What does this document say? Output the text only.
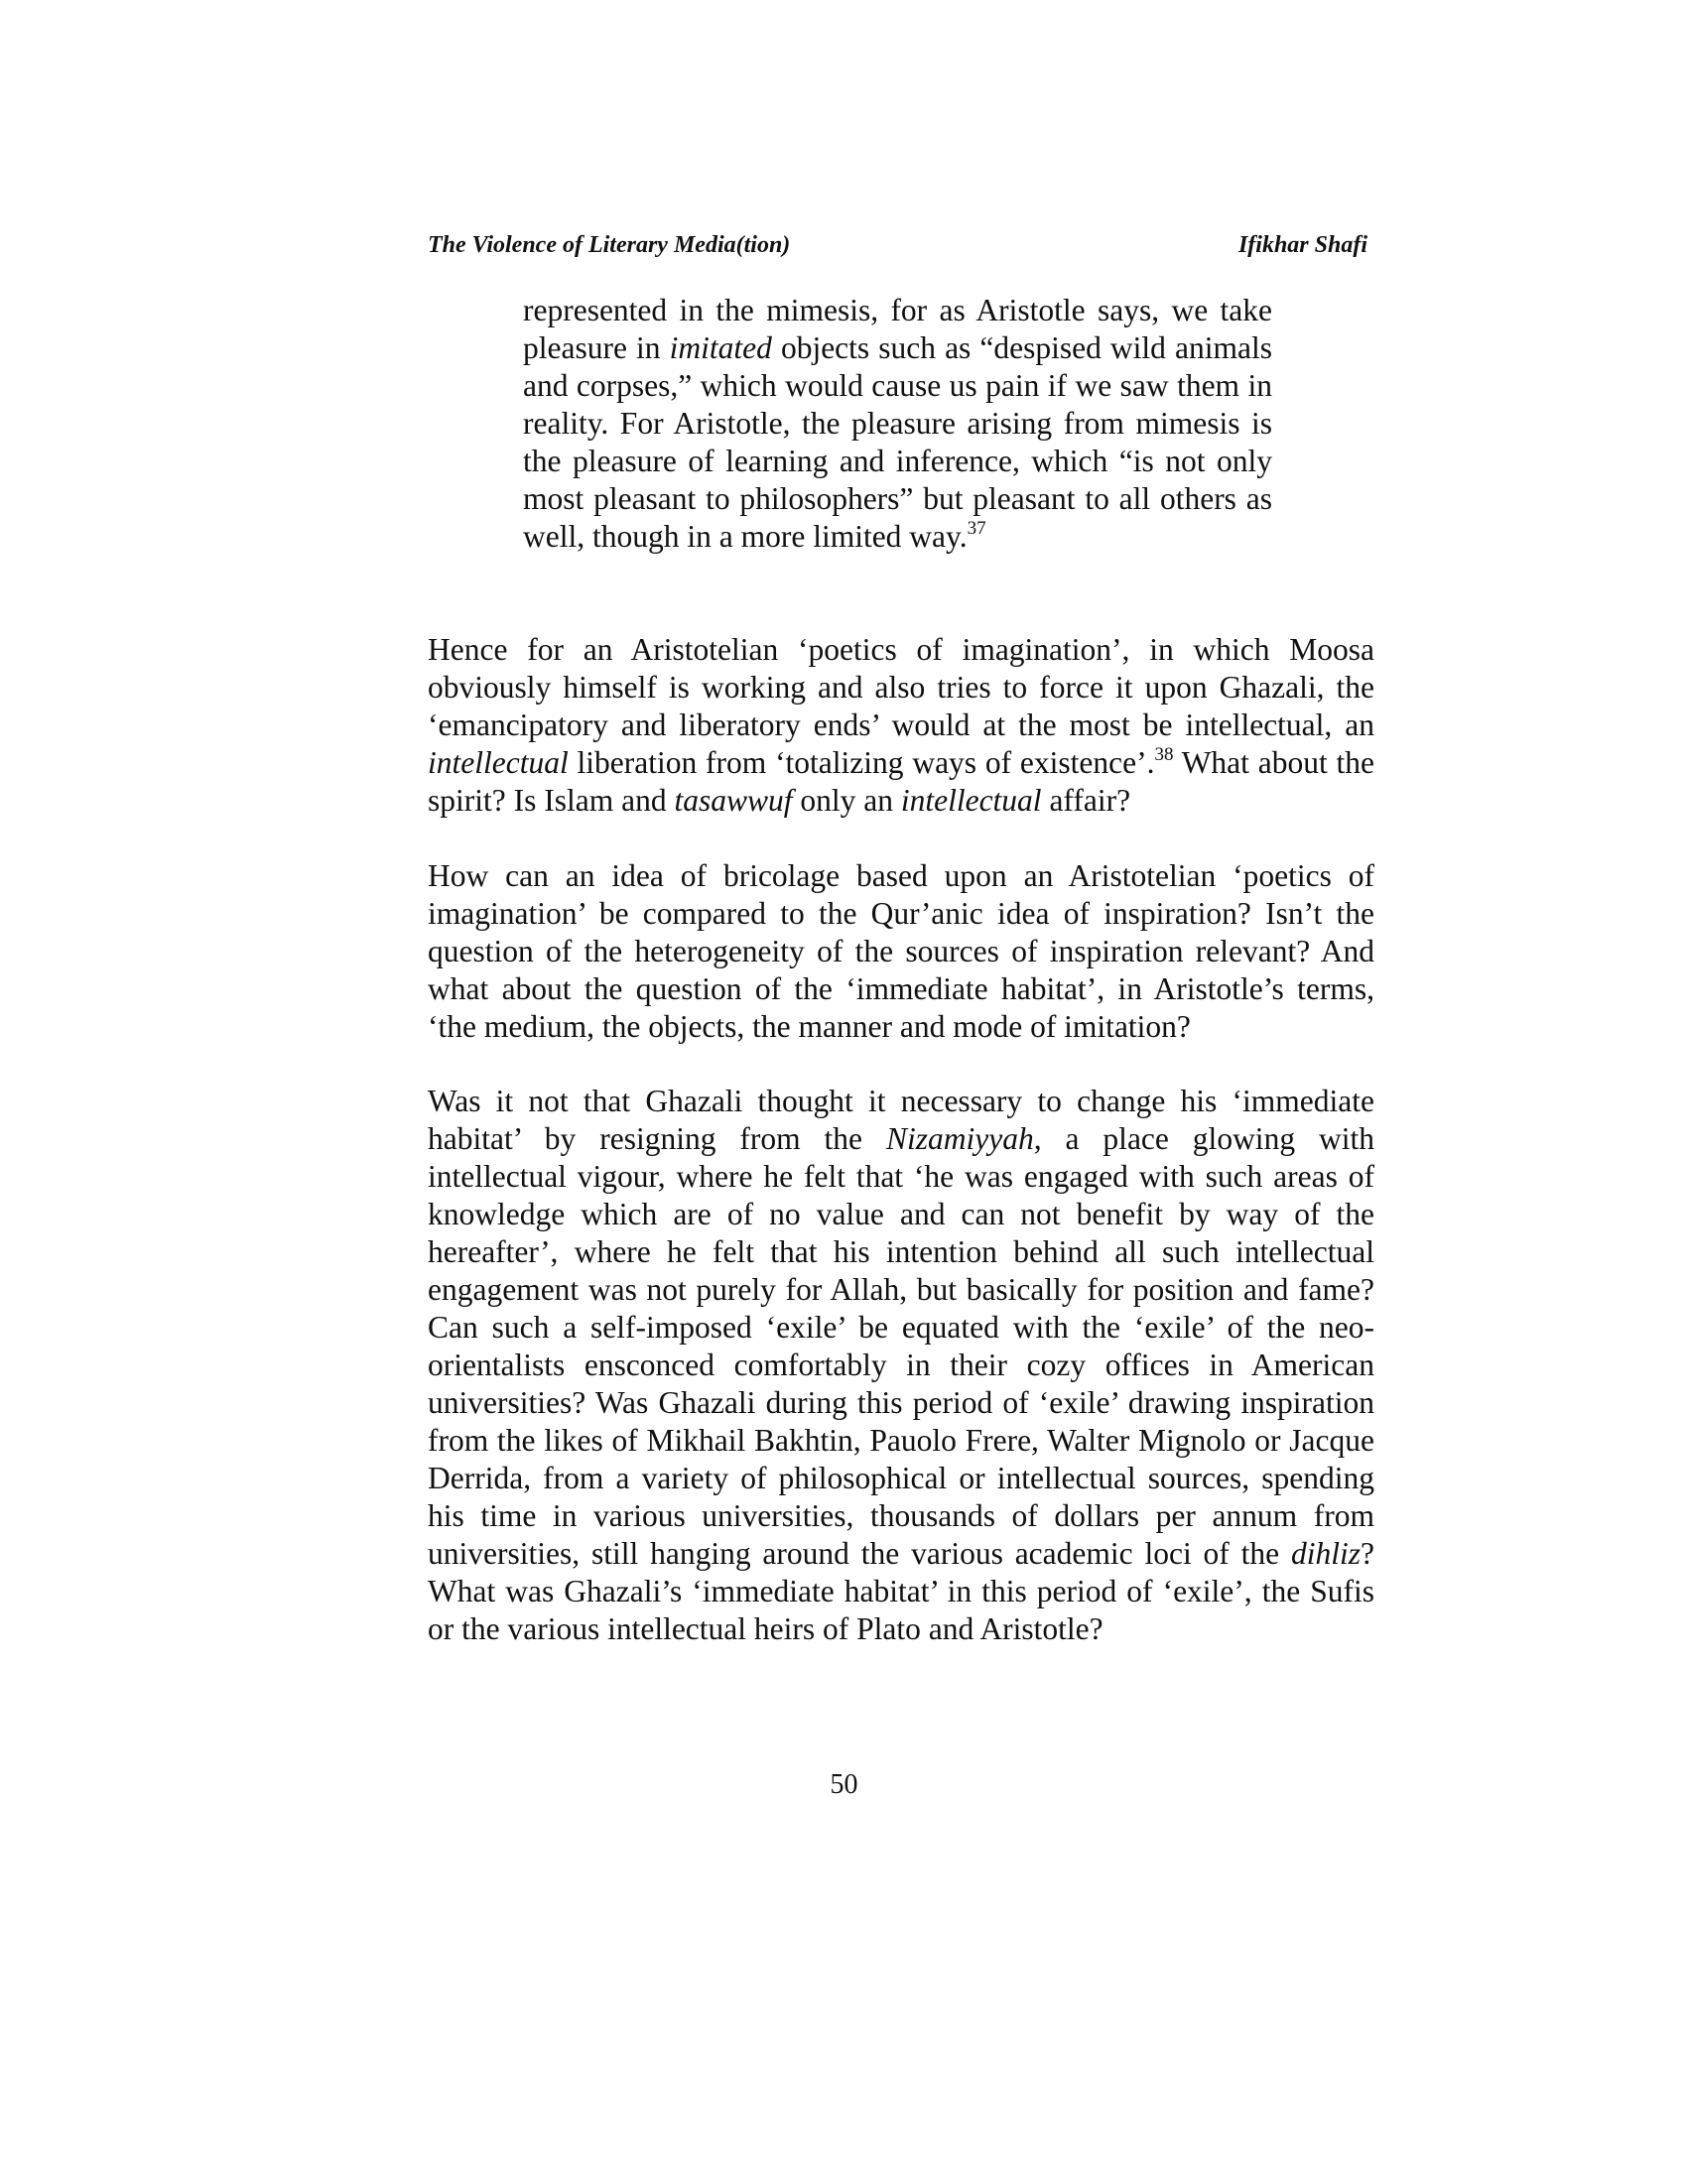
The Violence of Literary Media(tion)	Ifikhar Shafi

represented in the mimesis, for as Aristotle says, we take pleasure in imitated objects such as “despised wild animals and corpses,” which would cause us pain if we saw them in reality. For Aristotle, the pleasure arising from mimesis is the pleasure of learning and inference, which “is not only most pleasant to philosophers” but pleasant to all others as well, though in a more limited way.$^{37}$

Hence for an Aristotelian ‘poetics of imagination’, in which Moosa obviously himself is working and also tries to force it upon Ghazali, the ‘emancipatory and liberatory ends’ would at the most be intellectual, an intellectual liberation from ‘totalizing ways of existence’.$^{38}$ What about the spirit? Is Islam and tasawwuf only an intellectual affair?

How can an idea of bricolage based upon an Aristotelian ‘poetics of imagination’ be compared to the Qur’anic idea of inspiration? Isn’t the question of the heterogeneity of the sources of inspiration relevant? And what about the question of the ‘immediate habitat’, in Aristotle’s terms, ‘the medium, the objects, the manner and mode of imitation?

Was it not that Ghazali thought it necessary to change his ‘immediate habitat’ by resigning from the Nizamiyyah, a place glowing with intellectual vigour, where he felt that ‘he was engaged with such areas of knowledge which are of no value and can not benefit by way of the hereafter’, where he felt that his intention behind all such intellectual engagement was not purely for Allah, but basically for position and fame? Can such a self-imposed ‘exile’ be equated with the ‘exile’ of the neo-orientalists ensconced comfortably in their cozy offices in American universities? Was Ghazali during this period of ‘exile’ drawing inspiration from the likes of Mikhail Bakhtin, Pauolo Frere, Walter Mignolo or Jacque Derrida, from a variety of philosophical or intellectual sources, spending his time in various universities, thousands of dollars per annum from universities, still hanging around the various academic loci of the dihliz? What was Ghazali’s ‘immediate habitat’ in this period of ‘exile’, the Sufis or the various intellectual heirs of Plato and Aristotle?

50
